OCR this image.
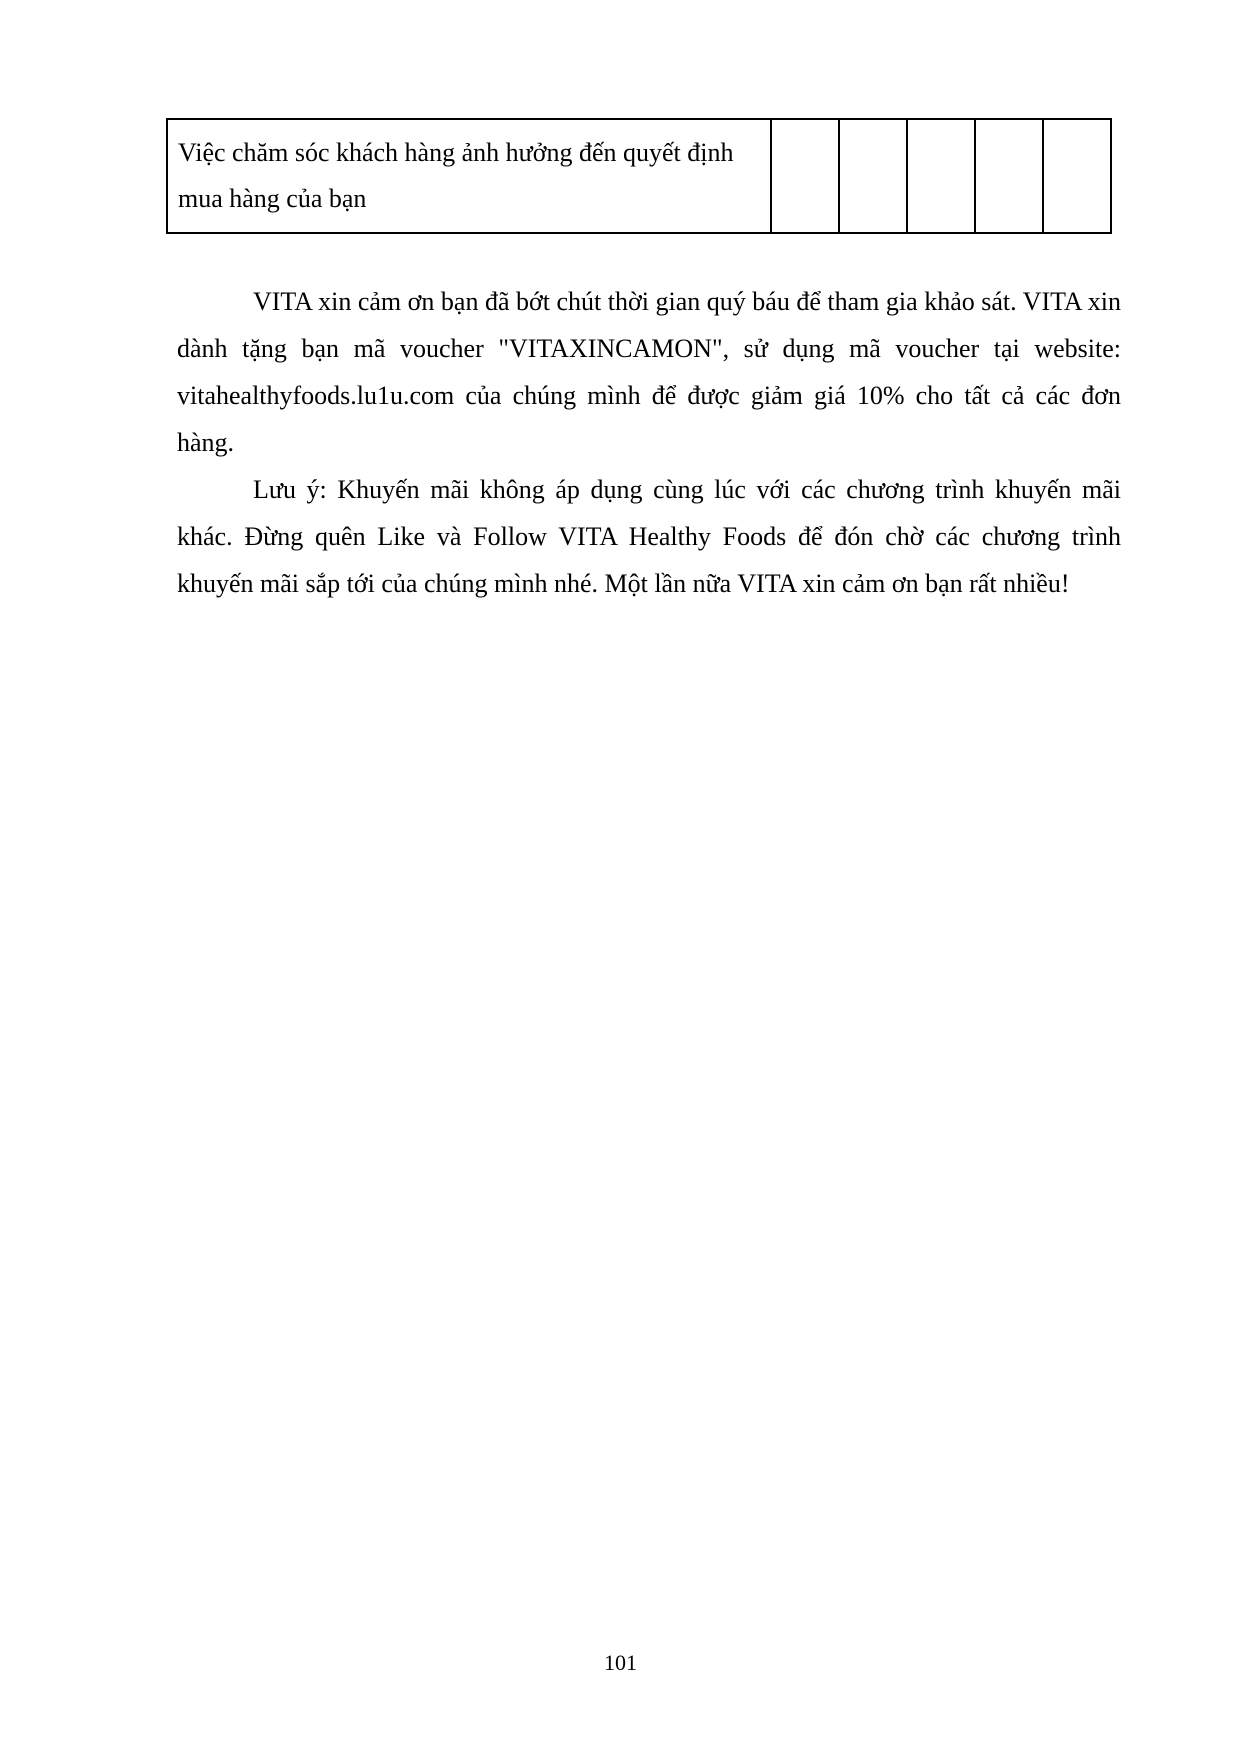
Việc chăm sóc khách hàng ảnh hưởng đến quyết định mua hàng của bạn					

VITA xin cảm ơn bạn đã bớt chút thời gian quý báu để tham gia khảo sát. VITA xin dành tặng bạn mã voucher "VITAXINCAMON", sử dụng mã voucher tại website: vitahealthyfoods.lu1u.com của chúng mình để được giảm giá 10% cho tất cả các đơn hàng.

Lưu ý: Khuyến mãi không áp dụng cùng lúc với các chương trình khuyến mãi khác. Đừng quên Like và Follow VITA Healthy Foods để đón chờ các chương trình khuyến mãi sắp tới của chúng mình nhé. Một lần nữa VITA xin cảm ơn bạn rất nhiều!

101
